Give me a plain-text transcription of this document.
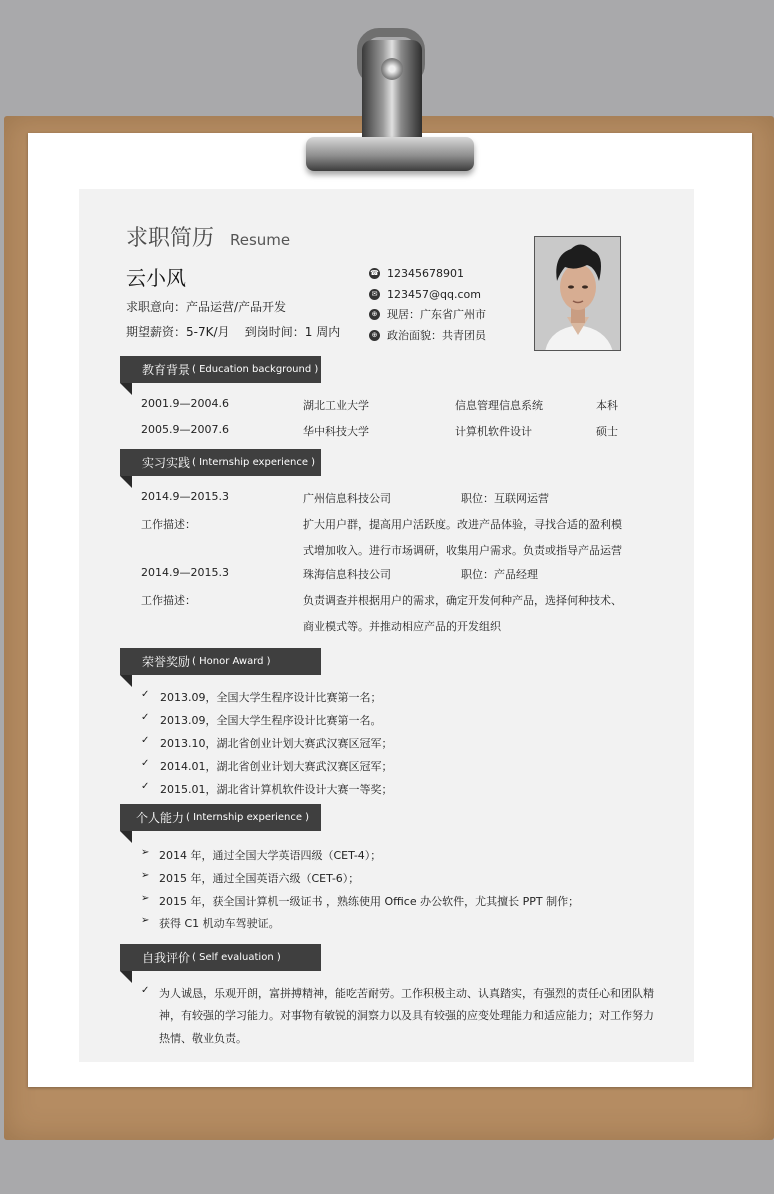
求职简历 Resume
云小风
求职意向：产品运营/产品开发
期望薪资：5-7K/月    到岗时间：1 周内
☎ 12345678901
✉ 123457@qq.com
⊕ 现居：广东省广州市
⊕ 政治面貌：共青团员
教育背景 ( Education background )
2001.9—2004.6	湖北工业大学	信息管理信息系统	本科
2005.9—2007.6	华中科技大学	计算机软件设计	硕士
实习实践 ( Internship experience )
2014.9—2015.3	广州信息科技公司	职位：互联网运营
工作描述：	扩大用户群，提高用户活跃度。改进产品体验，寻找合适的盈利模
式增加收入。进行市场调研，收集用户需求。负责或指导产品运营
2014.9—2015.3	珠海信息科技公司	职位：产品经理
工作描述：	负责调查并根据用户的需求，确定开发何种产品，选择何种技术、
商业模式等。并推动相应产品的开发组织
荣誉奖励 ( Honor Award )
✓ 2013.09，全国大学生程序设计比赛第一名；
✓ 2013.09，全国大学生程序设计比赛第一名。
✓ 2013.10，湖北省创业计划大赛武汉赛区冠军；
✓ 2014.01，湖北省创业计划大赛武汉赛区冠军；
✓ 2015.01，湖北省计算机软件设计大赛一等奖；
个人能力 ( Internship experience )
➢ 2014 年，通过全国大学英语四级（CET-4）；
➢ 2015 年，通过全国英语六级（CET-6）；
➢ 2015 年，获全国计算机一级证书 ，熟练使用 Office 办公软件，尤其擅长 PPT 制作；
➢ 获得 C1 机动车驾驶证。
自我评价 ( Self evaluation )
✓ 为人诚恳，乐观开朗，富拼搏精神，能吃苦耐劳。工作积极主动、认真踏实，有强烈的责任心和团队精
神，有较强的学习能力。对事物有敏锐的洞察力以及具有较强的应变处理能力和适应能力；对工作努力
热情、敬业负责。
